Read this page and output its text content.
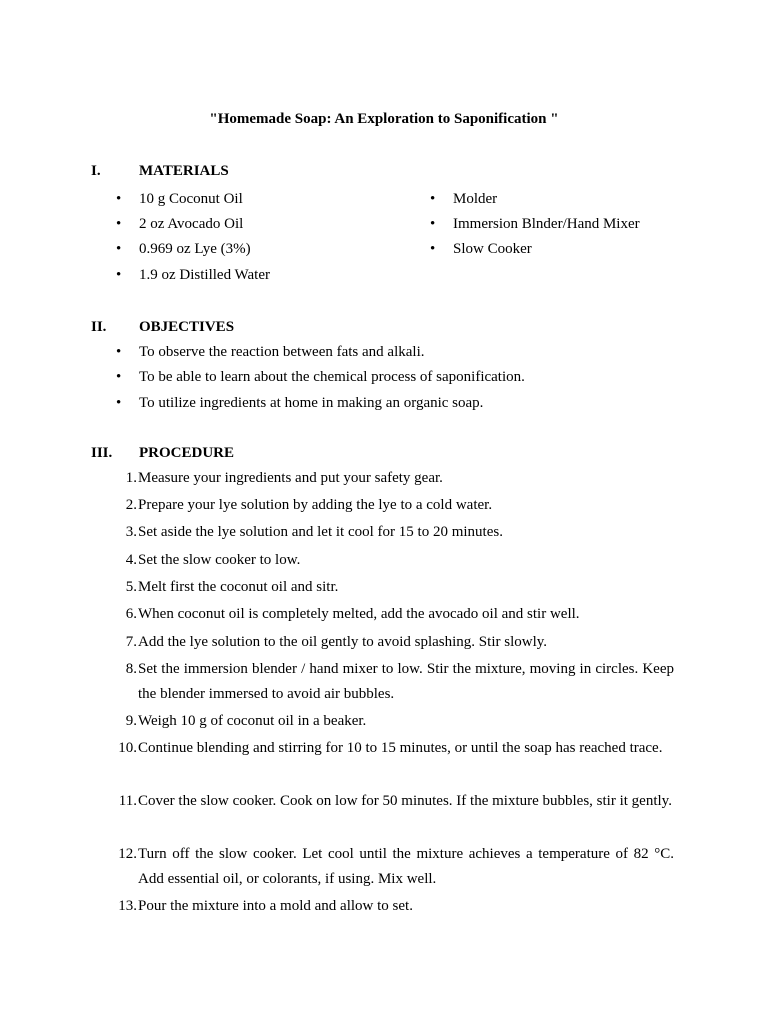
"Homemade Soap: An Exploration to Saponification "
I.	MATERIALS
• 10 g Coconut Oil
• 2 oz Avocado Oil
• 0.969 oz Lye (3%)
• 1.9 oz Distilled Water
• Molder
• Immersion Blnder/Hand Mixer
• Slow Cooker
II. OBJECTIVES
• To observe the reaction between fats and alkali.
• To be able to learn about the chemical process of saponification.
• To utilize ingredients at home in making an organic soap.
III. PROCEDURE
1. Measure your ingredients and put your safety gear.
2. Prepare your lye solution by adding the lye to a cold water.
3. Set aside the lye solution and let it cool for 15 to 20 minutes.
4. Set the slow cooker to low.
5. Melt first the coconut oil and sitr.
6. When coconut oil is completely melted, add the avocado oil and stir well.
7. Add the lye solution to the oil gently to avoid splashing. Stir slowly.
8. Set the immersion blender / hand mixer to low. Stir the mixture, moving in circles. Keep the blender immersed to avoid air bubbles.
9. Weigh 10 g of coconut oil in a beaker.
10. Continue blending and stirring for 10 to 15 minutes, or until the soap has reached trace.
11. Cover the slow cooker. Cook on low for 50 minutes. If the mixture bubbles, stir it gently.
12. Turn off the slow cooker. Let cool until the mixture achieves a temperature of 82 °C. Add essential oil, or colorants, if using. Mix well.
13. Pour the mixture into a mold and allow to set.
